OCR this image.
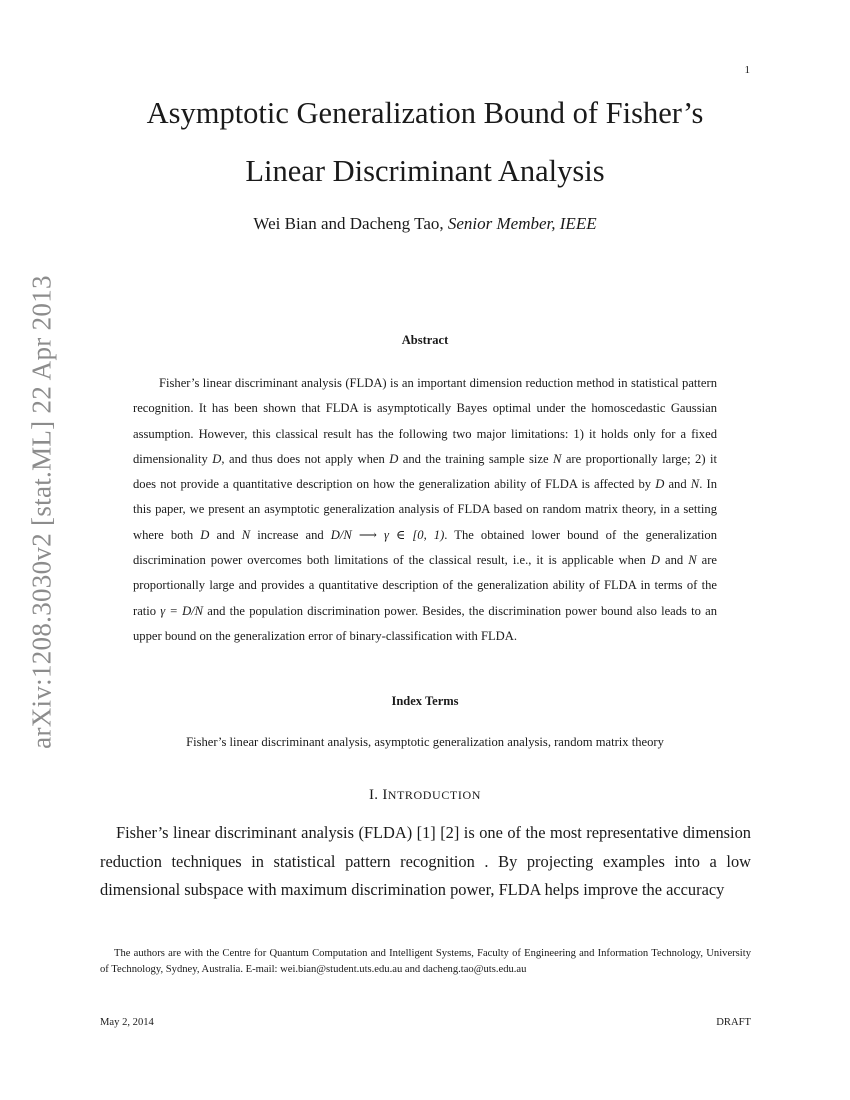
1
arXiv:1208.3030v2 [stat.ML] 22 Apr 2013
Asymptotic Generalization Bound of Fisher’s
Linear Discriminant Analysis
Wei Bian and Dacheng Tao, Senior Member, IEEE
Abstract

Fisher’s linear discriminant analysis (FLDA) is an important dimension reduction method in statistical pattern recognition. It has been shown that FLDA is asymptotically Bayes optimal under the homoscedastic Gaussian assumption. However, this classical result has the following two major limitations: 1) it holds only for a fixed dimensionality D, and thus does not apply when D and the training sample size N are proportionally large; 2) it does not provide a quantitative description on how the generalization ability of FLDA is affected by D and N. In this paper, we present an asymptotic generalization analysis of FLDA based on random matrix theory, in a setting where both D and N increase and D/N ⟶ γ ∈ [0, 1). The obtained lower bound of the generalization discrimination power overcomes both limitations of the classical result, i.e., it is applicable when D and N are proportionally large and provides a quantitative description of the generalization ability of FLDA in terms of the ratio γ = D/N and the population discrimination power. Besides, the discrimination power bound also leads to an upper bound on the generalization error of binary-classification with FLDA.

Index Terms
Fisher’s linear discriminant analysis, asymptotic generalization analysis, random matrix theory
I. INTRODUCTION

Fisher’s linear discriminant analysis (FLDA) [1] [2] is one of the most representative dimension reduction techniques in statistical pattern recognition . By projecting examples into a low dimensional subspace with maximum discrimination power, FLDA helps improve the accuracy

The authors are with the Centre for Quantum Computation and Intelligent Systems, Faculty of Engineering and Information Technology, University of Technology, Sydney, Australia. E-mail: wei.bian@student.uts.edu.au and dacheng.tao@uts.edu.au

May 2, 2014	DRAFT
